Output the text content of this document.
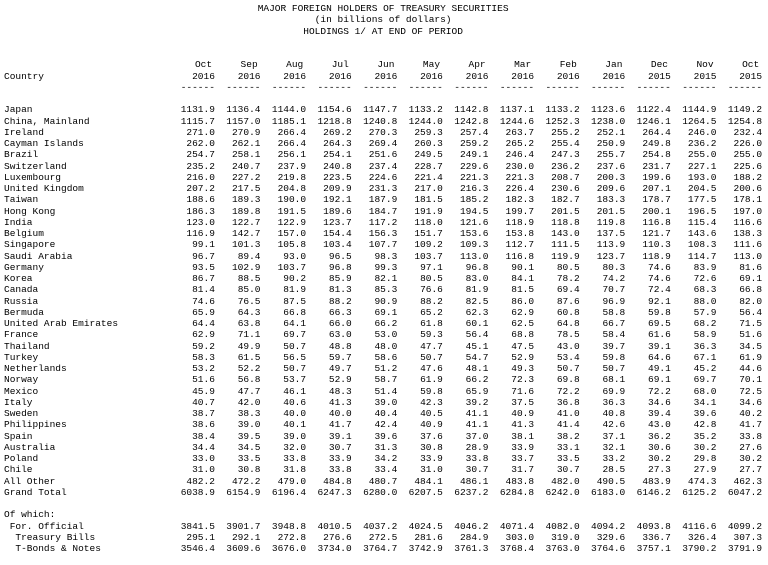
MAJOR FOREIGN HOLDERS OF TREASURY SECURITIES
(in billions of dollars)
HOLDINGS 1/ AT END OF PERIOD
Oct	Sep	Aug	Jul	Jun	May	Apr	Mar	Feb	Jan	Dec	Nov	Oct
Country	2016	2016	2016	2016	2016	2016	2016	2016	2016	2016	2015	2015	2015
------	------	------	------	------	------	------	------	------	------	------	------	------
Japan	1131.9	1136.4	1144.0	1154.6	1147.7	1133.2	1142.8	1137.1	1133.2	1123.6	1122.4	1144.9	1149.2
China, Mainland	1115.7	1157.0	1185.1	1218.8	1240.8	1244.0	1242.8	1244.6	1252.3	1238.0	1246.1	1264.5	1254.8
Ireland	271.0	270.9	266.4	269.2	270.3	259.3	257.4	263.7	255.2	252.1	264.4	246.0	232.4
Cayman Islands	262.0	262.1	266.4	264.3	269.4	260.3	259.2	265.2	255.4	250.9	249.8	236.2	226.0
Brazil	254.7	258.1	256.1	254.1	251.6	249.5	249.1	246.4	247.3	255.7	254.8	255.0	255.0
Switzerland	235.2	240.7	237.9	240.8	237.4	228.7	229.6	230.0	236.2	237.6	231.7	227.1	225.6
Luxembourg	216.0	227.2	219.8	223.5	224.6	221.4	221.3	221.3	208.7	200.3	199.6	193.0	188.2
United Kingdom	207.2	217.5	204.8	209.9	231.3	217.0	216.3	226.4	230.6	209.6	207.1	204.5	200.6
Taiwan	188.6	189.3	190.0	192.1	187.9	181.5	185.2	182.3	182.7	183.3	178.7	177.5	178.1
Hong Kong	186.3	189.8	191.5	189.6	184.7	191.9	194.5	199.7	201.5	201.5	200.1	196.5	197.0
India	123.0	122.7	122.9	123.7	117.2	118.0	121.6	118.9	118.8	119.8	116.8	115.4	116.6
Belgium	116.9	142.7	157.0	154.4	156.3	151.7	153.6	153.8	143.0	137.5	121.7	143.6	138.3
Singapore	99.1	101.3	105.8	103.4	107.7	109.2	109.3	112.7	111.5	113.9	110.3	108.3	111.6
Saudi Arabia	96.7	89.4	93.0	96.5	98.3	103.7	113.0	116.8	119.9	123.7	118.9	114.7	113.0
Germany	93.5	102.9	103.7	96.8	99.3	97.1	96.8	90.1	80.5	80.3	74.6	83.9	81.6
Korea	86.7	88.5	90.2	85.9	82.1	80.5	83.0	84.1	78.2	74.2	74.6	72.6	69.1
Canada	81.4	85.0	81.9	81.3	85.3	76.6	81.9	81.5	69.4	70.7	72.4	68.3	66.8
Russia	74.6	76.5	87.5	88.2	90.9	88.2	82.5	86.0	87.6	96.9	92.1	88.0	82.0
Bermuda	65.9	64.3	66.8	66.3	69.1	65.2	62.3	62.9	60.8	58.8	59.8	57.9	56.4
United Arab Emirates	64.4	63.8	64.1	66.0	66.2	61.8	60.1	62.5	64.8	66.7	69.5	68.2	71.5
France	62.9	71.1	69.7	63.0	53.0	59.3	56.4	68.8	78.5	58.4	61.6	58.9	51.6
Thailand	59.2	49.9	50.7	48.8	48.0	47.7	45.1	47.5	43.0	39.7	39.1	36.3	34.5
Turkey	58.3	61.5	56.5	59.7	58.6	50.7	54.7	52.9	53.4	59.8	64.6	67.1	61.9
Netherlands	53.2	52.2	50.7	49.7	51.2	47.6	48.1	49.3	50.7	50.7	49.1	45.2	44.6
Norway	51.6	56.8	53.7	52.9	58.7	61.9	66.2	72.3	69.8	68.1	69.1	69.7	70.1
Mexico	45.9	47.7	46.1	48.3	51.4	59.8	65.9	71.6	72.2	69.9	72.2	68.0	72.5
Italy	40.7	42.0	40.6	41.3	39.0	42.3	39.2	37.5	36.8	36.3	34.6	34.1	34.6
Sweden	38.7	38.3	40.0	40.0	40.4	40.5	41.1	40.9	41.0	40.8	39.4	39.6	40.2
Philippines	38.6	39.0	40.1	41.7	42.4	40.9	41.1	41.3	41.4	42.6	43.0	42.8	41.7
Spain	38.4	39.5	39.0	39.1	39.6	37.6	37.0	38.1	38.2	37.1	36.2	35.2	33.8
Australia	34.4	34.5	32.0	30.7	31.3	30.8	28.9	33.9	33.1	32.1	30.6	30.2	27.6
Poland	33.0	33.5	33.8	33.9	34.2	33.9	33.8	33.7	33.5	33.2	30.2	29.8	30.2
Chile	31.0	30.8	31.8	33.8	33.4	31.0	30.7	31.7	30.7	28.5	27.3	27.9	27.7
All Other	482.2	472.2	479.0	484.8	480.7	484.1	486.1	483.8	482.0	490.5	483.9	474.3	462.3
Grand Total	6038.9	6154.9	6196.4	6247.3	6280.0	6207.5	6237.2	6284.8	6242.0	6183.0	6146.2	6125.2	6047.2
Of which:
For. Official	3841.5	3901.7	3948.8	4010.5	4037.2	4024.5	4046.2	4071.4	4082.0	4094.2	4093.8	4116.6	4099.2
Treasury Bills	295.1	292.1	272.8	276.6	272.5	281.6	284.9	303.0	319.0	329.6	336.7	326.4	307.3
T-Bonds & Notes	3546.4	3609.6	3676.0	3734.0	3764.7	3742.9	3761.3	3768.4	3763.0	3764.6	3757.1	3790.2	3791.9
